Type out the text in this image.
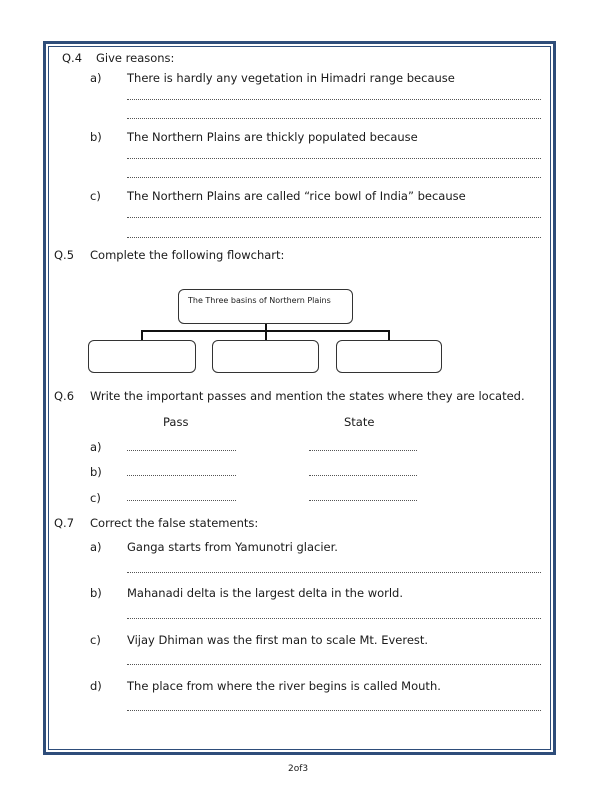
Q.4 Give reasons:
a) There is hardly any vegetation in Himadri range because
b) The Northern Plains are thickly populated because
c) The Northern Plains are called “rice bowl of India” because
Q.5 Complete the following flowchart:
The Three basins of Northern Plains
Q.6 Write the important passes and mention the states where they are located.
Pass	State
a)
b)
c)
Q.7 Correct the false statements:
a) Ganga starts from Yamunotri glacier.
b) Mahanadi delta is the largest delta in the world.
c) Vijay Dhiman was the first man to scale Mt. Everest.
d) The place from where the river begins is called Mouth.
2of3
